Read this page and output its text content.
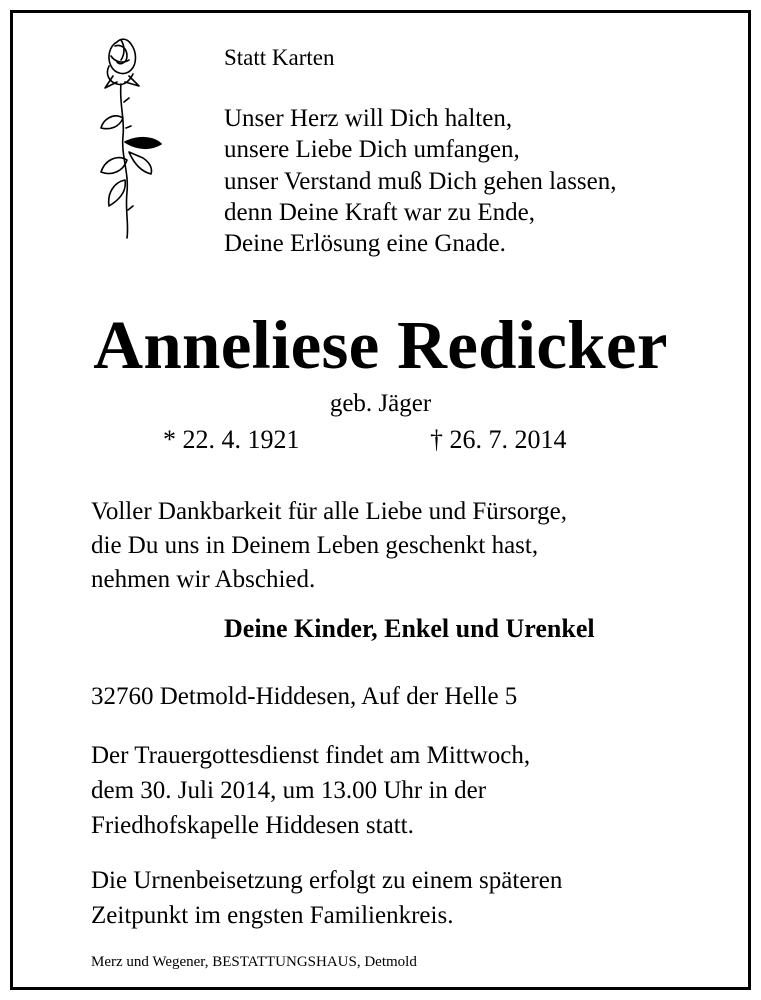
Statt Karten
Unser Herz will Dich halten,
unsere Liebe Dich umfangen,
unser Verstand muß Dich gehen lassen,
denn Deine Kraft war zu Ende,
Deine Erlösung eine Gnade.
Anneliese Redicker
geb. Jäger
* 22. 4. 1921	† 26. 7. 2014
Voller Dankbarkeit für alle Liebe und Fürsorge,
die Du uns in Deinem Leben geschenkt hast,
nehmen wir Abschied.
Deine Kinder, Enkel und Urenkel
32760 Detmold-Hiddesen, Auf der Helle 5
Der Trauergottesdienst findet am Mittwoch,
dem 30. Juli 2014, um 13.00 Uhr in der
Friedhofskapelle Hiddesen statt.
Die Urnenbeisetzung erfolgt zu einem späteren
Zeitpunkt im engsten Familienkreis.
Merz und Wegener, BESTATTUNGSHAUS, Detmold
